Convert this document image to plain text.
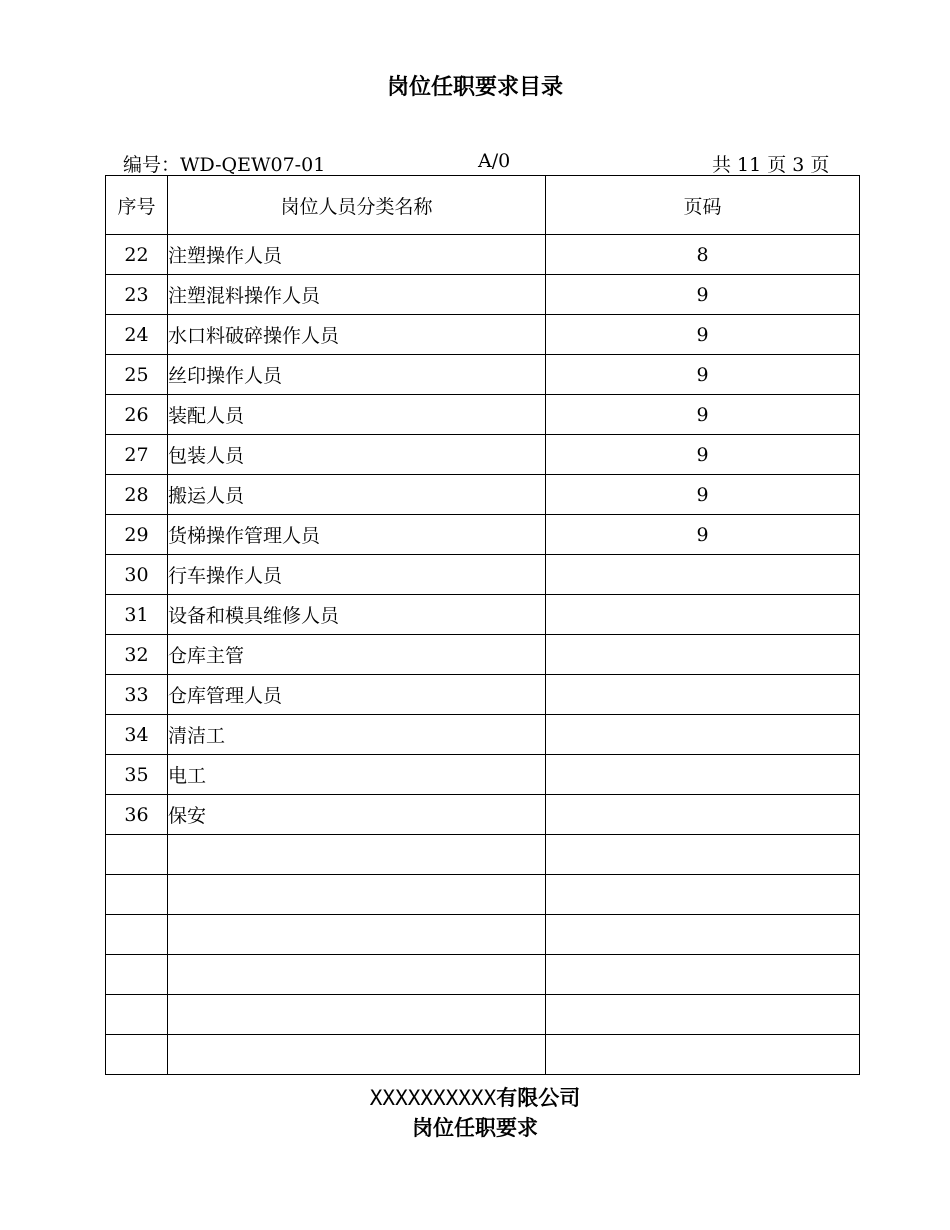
岗位任职要求目录
编号：WD-QEW07-01	A/0	共 11 页 3 页
序号	岗位人员分类名称	页码
22	注塑操作人员	8
23	注塑混料操作人员	9
24	水口料破碎操作人员	9
25	丝印操作人员	9
26	装配人员	9
27	包装人员	9
28	搬运人员	9
29	货梯操作管理人员	9
30	行车操作人员	
31	设备和模具维修人员	
32	仓库主管	
33	仓库管理人员	
34	清洁工	
35	电工	
36	保安	

XXXXXXXXXX有限公司
岗位任职要求
